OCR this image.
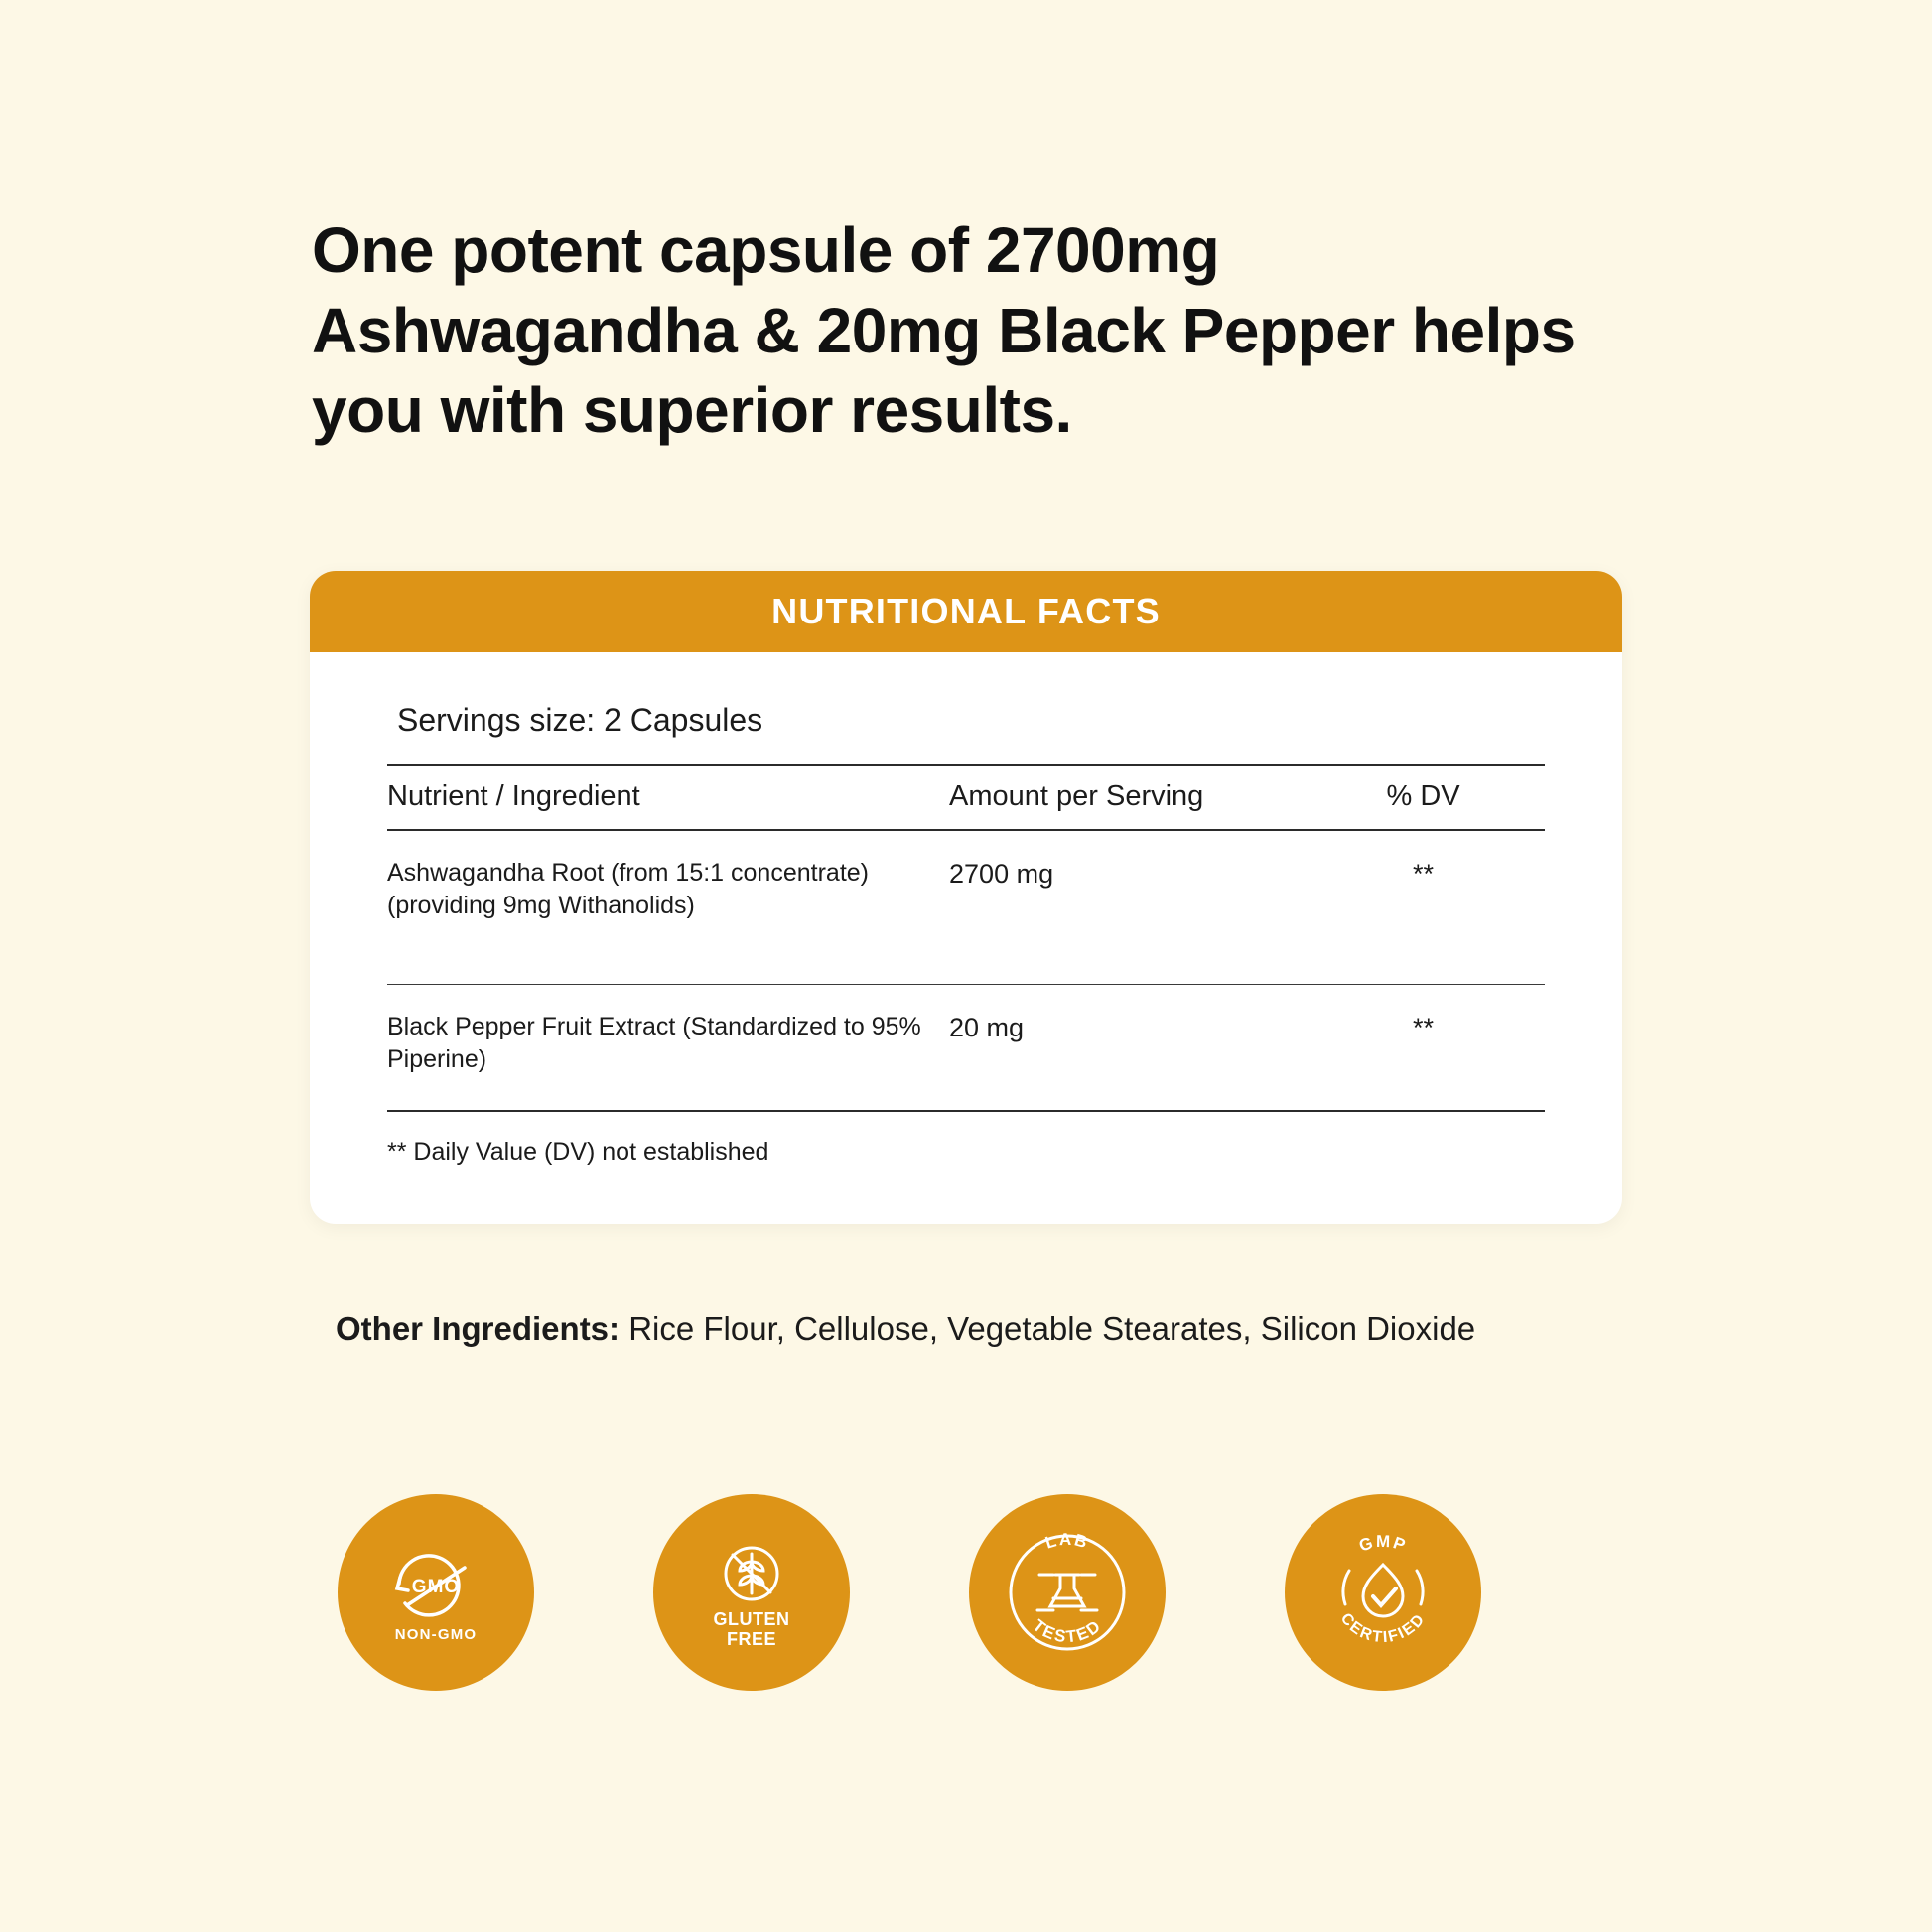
One potent capsule of 2700mg Ashwagandha & 20mg Black Pepper helps you with superior results.
NUTRITIONAL FACTS
Servings size: 2 Capsules
Nutrient / Ingredient	Amount per Serving	% DV
Ashwagandha Root (from 15:1 concentrate)(providing 9mg Withanolids)	2700 mg	**
Black Pepper Fruit Extract (Standardized to 95% Piperine)	20 mg	**
** Daily Value (DV) not established
Other Ingredients: Rice Flour, Cellulose, Vegetable Stearates, Silicon Dioxide
GMO
NON-GMO
GLUTEN
FREE
LAB
TESTED
GMP
CERTIFIED
